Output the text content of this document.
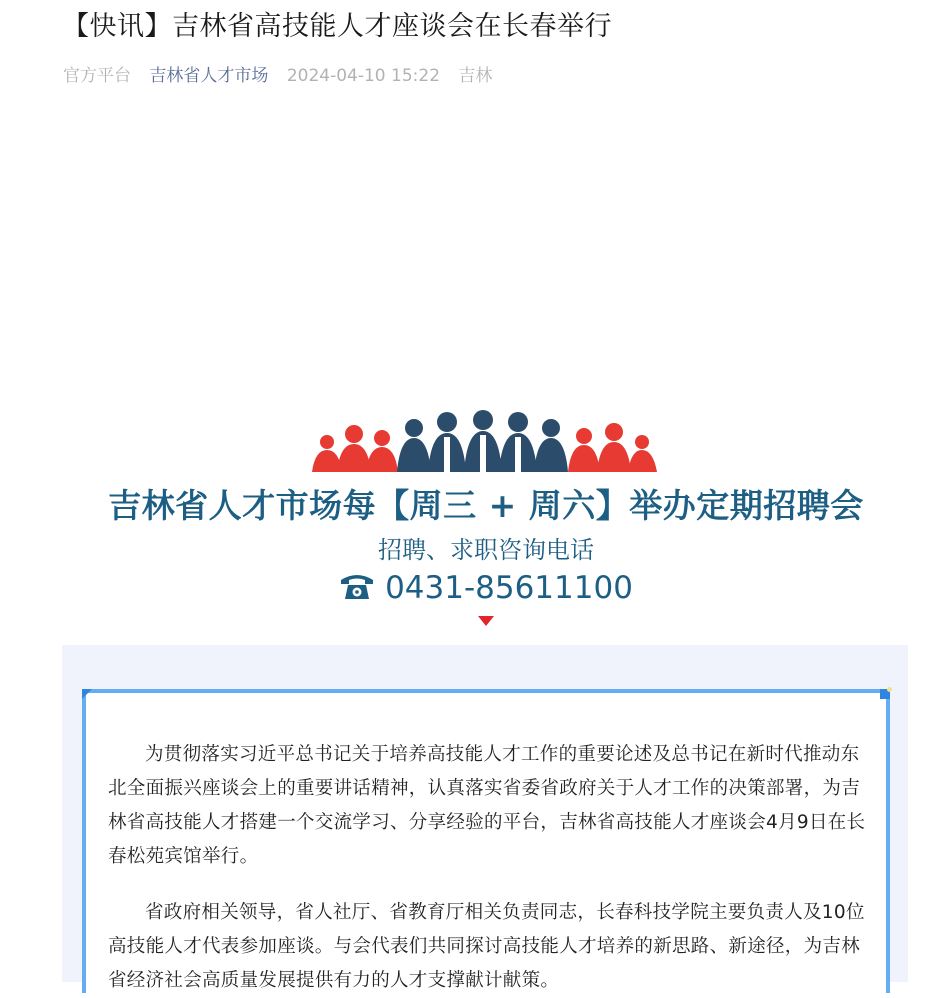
【快讯】吉林省高技能人才座谈会在长春举行
官方平台 吉林省人才市场 2024-04-10 15:22 吉林
吉林省人才市场每【周三 + 周六】举办定期招聘会
招聘、求职咨询电话
0431-85611100

为贯彻落实习近平总书记关于培养高技能人才工作的重要论述及总书记在新时代推动东北全面振兴座谈会上的重要讲话精神，认真落实省委省政府关于人才工作的决策部署，为吉林省高技能人才搭建一个交流学习、分享经验的平台，吉林省高技能人才座谈会4月9日在长春松苑宾馆举行。

省政府相关领导，省人社厅、省教育厅相关负责同志，长春科技学院主要负责人及10位高技能人才代表参加座谈。与会代表们共同探讨高技能人才培养的新思路、新途径，为吉林省经济社会高质量发展提供有力的人才支撑献计献策。
